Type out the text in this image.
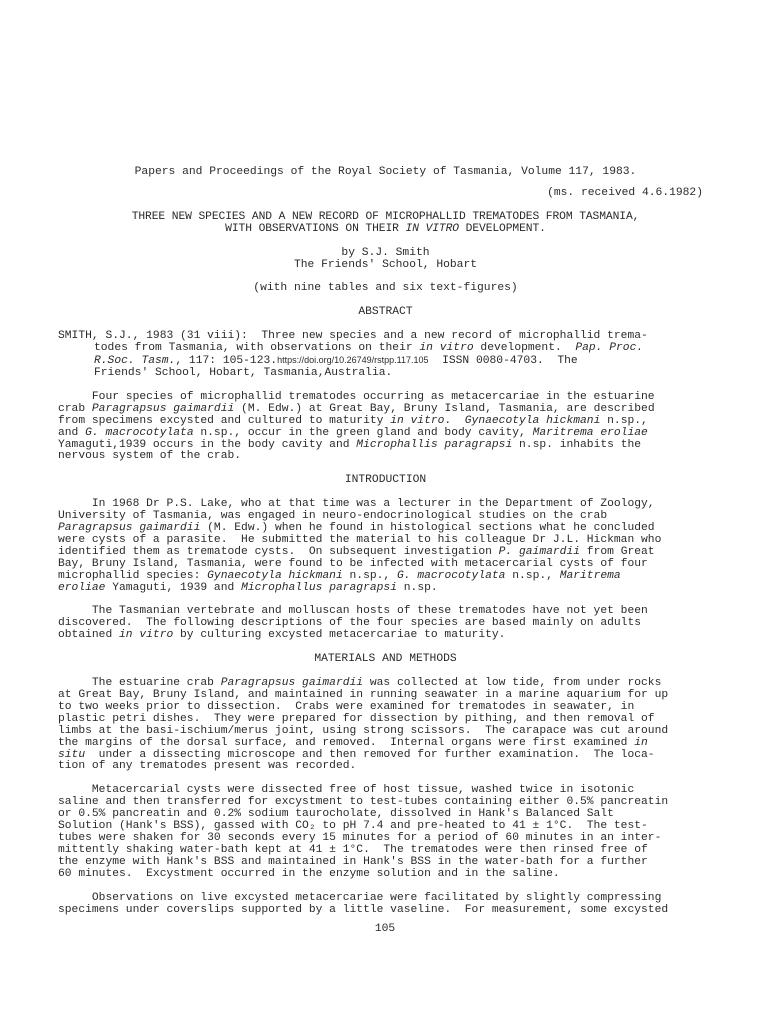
Papers and Proceedings of the Royal Society of Tasmania, Volume 117, 1983.
(ms. received 4.6.1982)
THREE NEW SPECIES AND A NEW RECORD OF MICROPHALLID TREMATODES FROM TASMANIA,
WITH OBSERVATIONS ON THEIR IN VITRO DEVELOPMENT.
by S.J. Smith
The Friends' School, Hobart
(with nine tables and six text-figures)
ABSTRACT
SMITH, S.J., 1983 (31 viii):  Three new species and a new record of microphallid trema-
todes from Tasmania, with observations on their in vitro development.  Pap. Proc.
R.Soc. Tasm., 117: 105-123.https://doi.org/10.26749/rstpp.117.105  ISSN 0080-4703.  The
Friends' School, Hobart, Tasmania,Australia.
Four species of microphallid trematodes occurring as metacercariae in the estuarine
crab Paragrapsus gaimardii (M. Edw.) at Great Bay, Bruny Island, Tasmania, are described
from specimens excysted and cultured to maturity in vitro.  Gynaecotyla hickmani n.sp.,
and G. macrocotylata n.sp., occur in the green gland and body cavity, Maritrema eroliae
Yamaguti,1939 occurs in the body cavity and Microphallis paragrapsi n.sp. inhabits the
nervous system of the crab.
INTRODUCTION
In 1968 Dr P.S. Lake, who at that time was a lecturer in the Department of Zoology,
University of Tasmania, was engaged in neuro-endocrinological studies on the crab
Paragrapsus gaimardii (M. Edw.) when he found in histological sections what he concluded
were cysts of a parasite.  He submitted the material to his colleague Dr J.L. Hickman who
identified them as trematode cysts.  On subsequent investigation P. gaimardii from Great
Bay, Bruny Island, Tasmania, were found to be infected with metacercarial cysts of four
microphallid species: Gynaecotyla hickmani n.sp., G. macrocotylata n.sp., Maritrema
eroliae Yamaguti, 1939 and Microphallus paragrapsi n.sp.
The Tasmanian vertebrate and molluscan hosts of these trematodes have not yet been
discovered.  The following descriptions of the four species are based mainly on adults
obtained in vitro by culturing excysted metacercariae to maturity.
MATERIALS AND METHODS
The estuarine crab Paragrapsus gaimardii was collected at low tide, from under rocks
at Great Bay, Bruny Island, and maintained in running seawater in a marine aquarium for up
to two weeks prior to dissection.  Crabs were examined for trematodes in seawater, in
plastic petri dishes.  They were prepared for dissection by pithing, and then removal of
limbs at the basi-ischium/merus joint, using strong scissors.  The carapace was cut around
the margins of the dorsal surface, and removed.  Internal organs were first examined in
situ  under a dissecting microscope and then removed for further examination.  The loca-
tion of any trematodes present was recorded.
Metacercarial cysts were dissected free of host tissue, washed twice in isotonic
saline and then transferred for excystment to test-tubes containing either 0.5% pancreatin
or 0.5% pancreatin and 0.2% sodium taurocholate, dissolved in Hank's Balanced Salt
Solution (Hank's BSS), gassed with CO₂ to pH 7.4 and pre-heated to 41 ± 1°C.  The test-
tubes were shaken for 30 seconds every 15 minutes for a period of 60 minutes in an inter-
mittently shaking water-bath kept at 41 ± 1°C.  The trematodes were then rinsed free of
the enzyme with Hank's BSS and maintained in Hank's BSS in the water-bath for a further
60 minutes.  Excystment occurred in the enzyme solution and in the saline.
Observations on live excysted metacercariae were facilitated by slightly compressing
specimens under coverslips supported by a little vaseline.  For measurement, some excysted
105
